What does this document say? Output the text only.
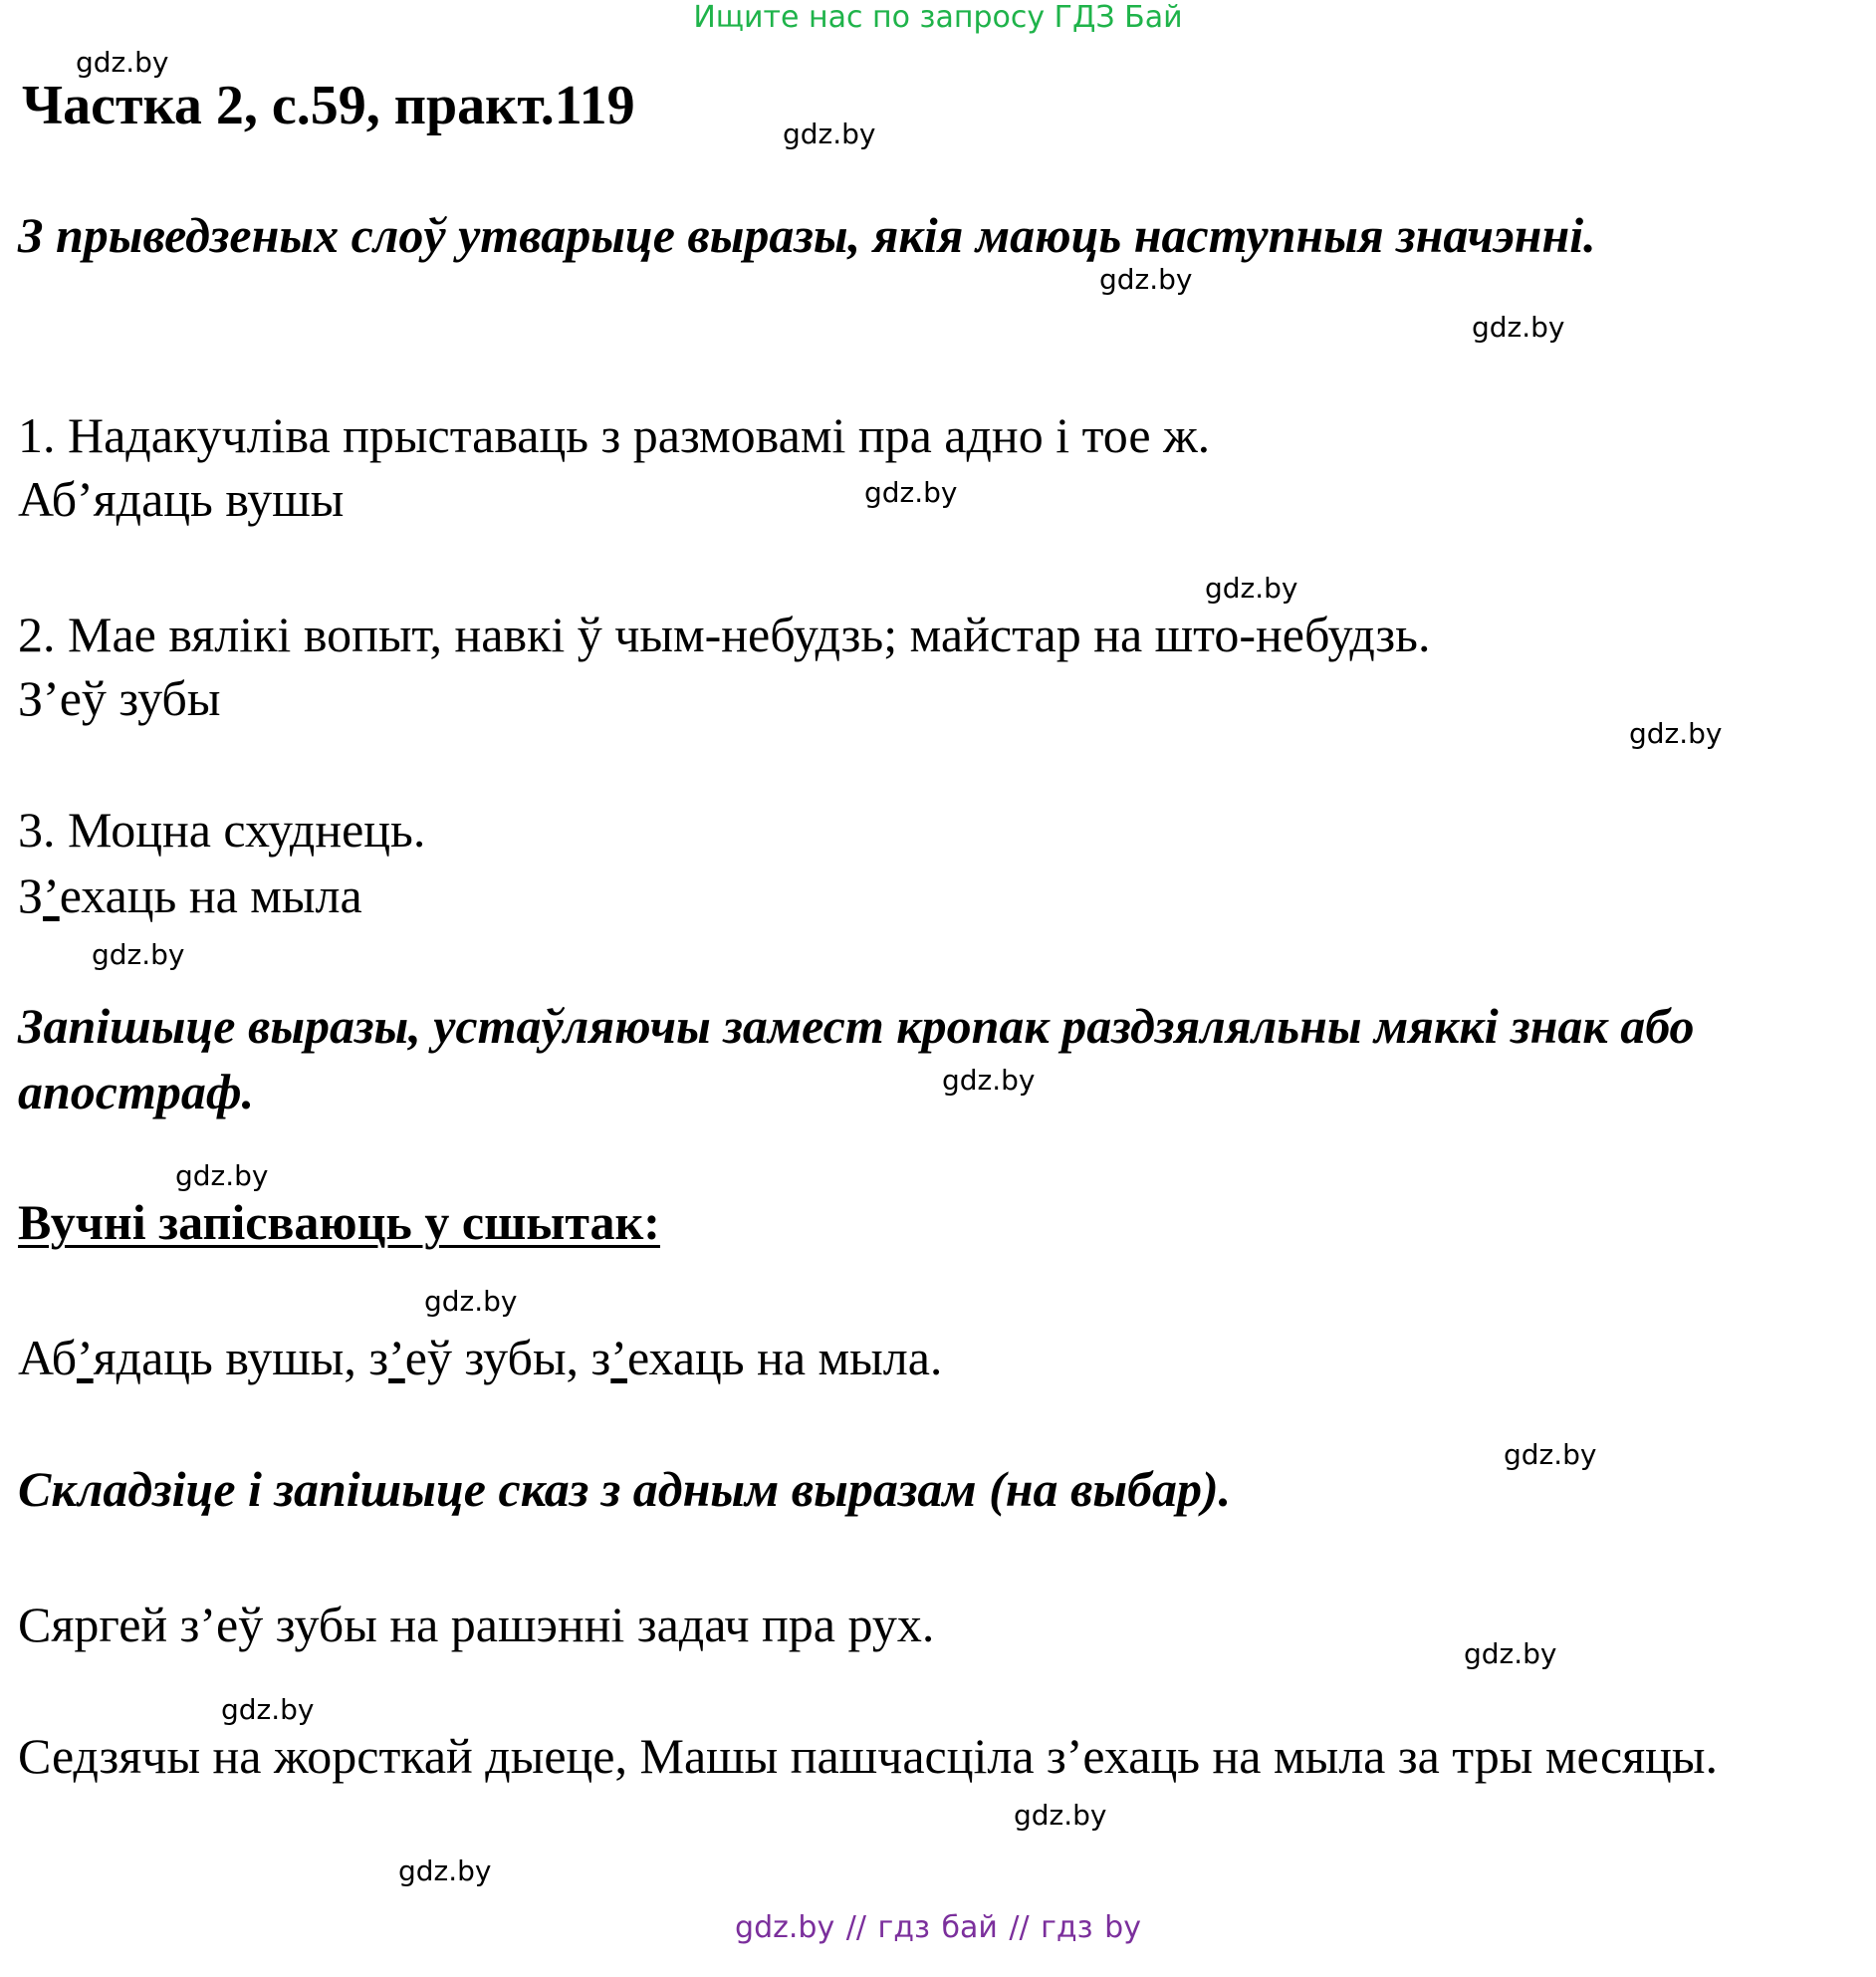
Ищите нас по запросу ГДЗ Бай
gdz.by
Частка 2, с.59, практ.119	gdz.by
З прыведзеных слоў утварыце выразы, якія маюць наступныя значэнні.
gdz.by
gdz.by
1. Надакучліва прыставаць з размовамі пра адно і тое ж.
Аб’ядаць вушы	gdz.by
gdz.by
2. Мае вялікі вопыт, навкі ў чым-небудзь; майстар на што-небудзь.
З’еў зубы
gdz.by
3. Моцна схуднець.
З’ехаць на мыла
gdz.by
Запішыце выразы, устаўляючы замест кропак раздзяляльны мяккі знак або апостраф.	gdz.by
gdz.by
Вучні запісваюць у сшытак:
gdz.by
Аб’ядаць вушы, з’еў зубы, з’ехаць на мыла.
gdz.by
Складзіце і запішыце сказ з адным выразам (на выбар).
Сяргей з’еў зубы на рашэнні задач пра рух.
gdz.by
gdz.by
Седзячы на жорсткай дыеце, Машы пашчасціла з’ехаць на мыла за тры месяцы.
gdz.by
gdz.by
gdz.by // гдз бай // гдз by
